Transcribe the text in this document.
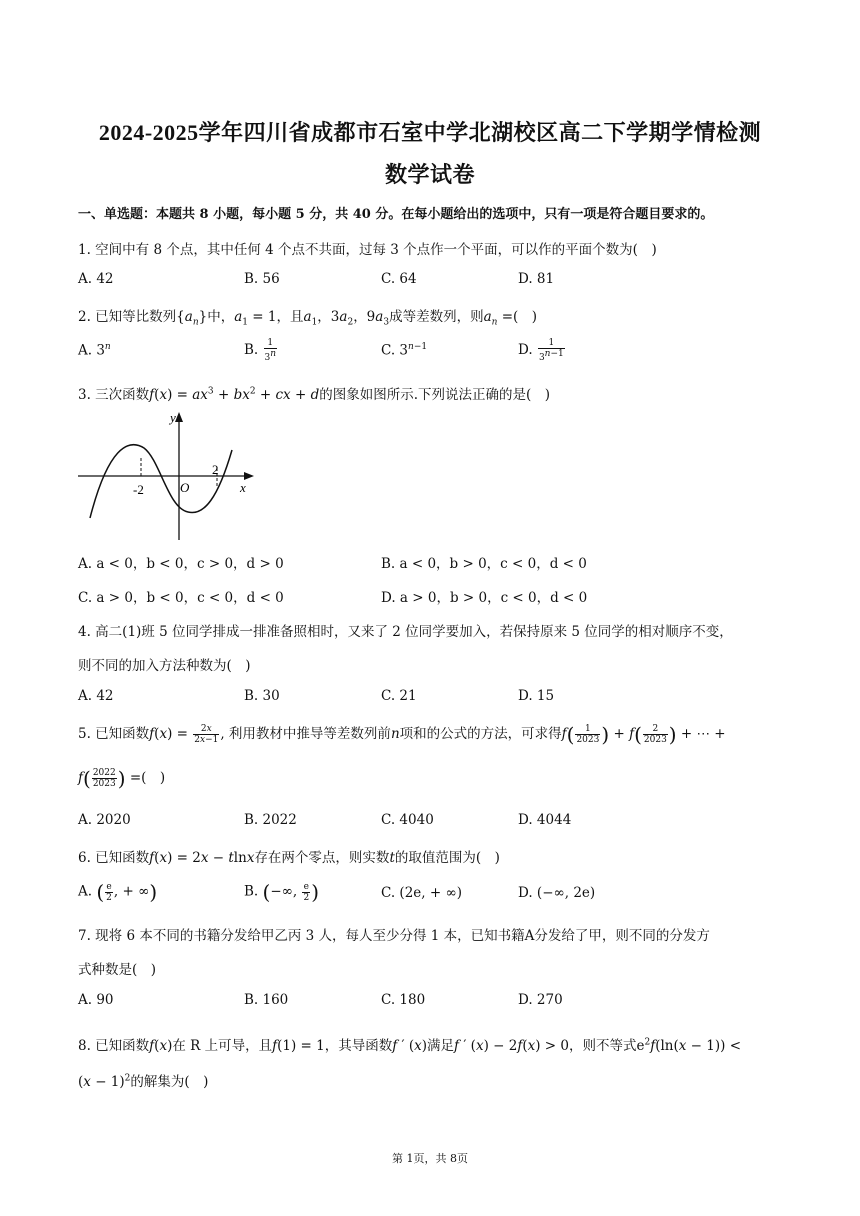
2024-2025学年四川省成都市石室中学北湖校区高二下学期学情检测
数学试卷
一、单选题：本题共 8 小题，每小题 5 分，共 40 分。在每小题给出的选项中，只有一项是符合题目要求的。
1. 空间中有 8 个点，其中任何 4 个点不共面，过每 3 个点作一个平面，可以作的平面个数为(　)
A. 42	B. 56	C. 64	D. 81
2. 已知等比数列$\{a_n\}$中，$a_1 = 1$，且$a_1$，$3a_2$，$9a_3$成等差数列，则$a_n$ =(　)
A. 3$^n$	B. $\frac{1}{3^n}$	C. $3^{n-1}$	D. $\frac{1}{3^{n-1}}$
3. 三次函数$f(x) = ax^3 + bx^2$ + cx + d的图象如图所示.下列说法正确的是(　)
y
x
O
-2
2
A. a < 0，b < 0，c > 0，d > 0	B. a < 0，b > 0，c < 0，d < 0
C. a > 0，b < 0，c < 0，d < 0	D. a > 0，b > 0，c < 0，d < 0
4. 高二(1)班 5 位同学排成一排准备照相时，又来了 2 位同学要加入，若保持原来 5 位同学的相对顺序不变，
则不同的加入方法种数为(　)
A. 42	B. 30	C. 21	D. 15
5. 已知函数$f(x) = \frac{2x}{2x-1}$ , 利用教材中推导等差数列前n项和的公式的方法，可求得$f( \frac{1}{2023}$ ) + $f( \frac{2}{2023}$ ) + ⋯ +
$f( \frac{2022}{2023}$ ) =(　)
A. 2020	B. 2022	C. 4040	D. 4044
6. 已知函数f(x) = 2x − tlnx存在两个零点，则实数t的取值范围为(　)
A. ( $\frac{e}{2}$ , + ∞)	B. (−∞, $\frac{e}{2}$ )	C. (2e, + ∞)	D. (−∞, 2e)
7. 现将 6 本不同的书籍分发给甲乙丙 3 人，每人至少分得 1 本，已知书籍A分发给了甲，则不同的分发方
式种数是(　)
A. 90	B. 160	C. 180	D. 270
8. 已知函数f(x)在 R 上可导，且f(1) = 1，其导函数f ′ (x)满足f ′ (x) − 2f(x) > 0，则不等式$e^2f(\ln(x - 1))$ <
$(x - 1)^2$的解集为(　)
第 1页，共 8页
